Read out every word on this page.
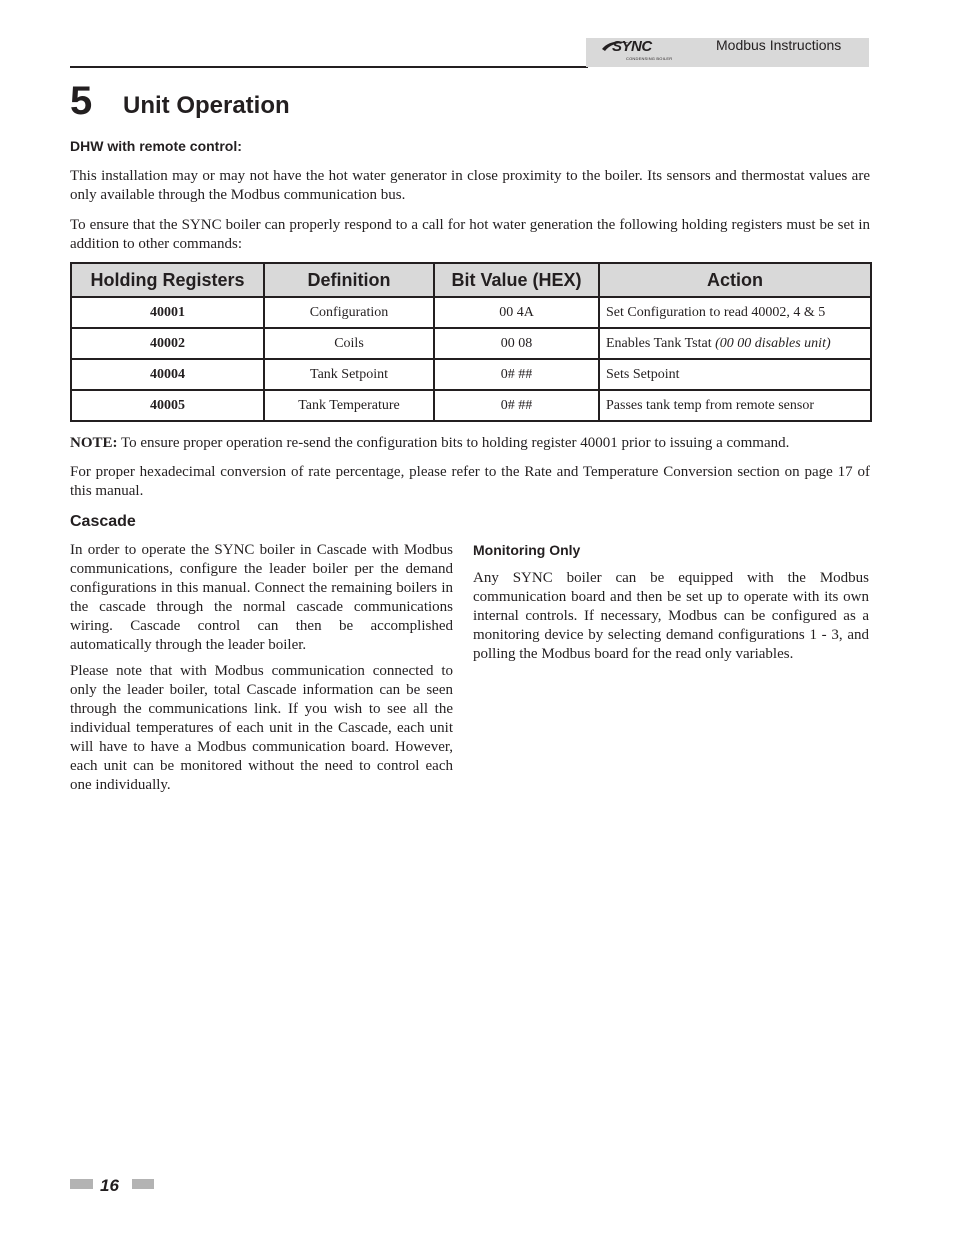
SYNC
CONDENSING BOILER
Modbus Instructions
5 Unit Operation
DHW with remote control:

This installation may or may not have the hot water generator in close proximity to the boiler. Its sensors and thermostat values are only available through the Modbus communication bus.

To ensure that the SYNC boiler can properly respond to a call for hot water generation the following holding registers must be set in addition to other commands:

Holding Registers	Definition	Bit Value (HEX)	Action
40001	Configuration	00 4A	Set Configuration to read 40002, 4 & 5
40002	Coils	00 08	Enables Tank Tstat (00 00 disables unit)
40004	Tank Setpoint	0# ##	Sets Setpoint
40005	Tank Temperature	0# ##	Passes tank temp from remote sensor

NOTE: To ensure proper operation re-send the configuration bits to holding register 40001 prior to issuing a command.

For proper hexadecimal conversion of rate percentage, please refer to the Rate and Temperature Conversion section on page 17 of this manual.

Cascade

In order to operate the SYNC boiler in Cascade with Modbus communications, configure the leader boiler per the demand configurations in this manual. Connect the remaining boilers in the cascade through the normal cascade communications wiring. Cascade control can then be accomplished automatically through the leader boiler.

Please note that with Modbus communication connected to only the leader boiler, total Cascade information can be seen through the communications link. If you wish to see all the individual temperatures of each unit in the Cascade, each unit will have to have a Modbus communication board. However, each unit can be monitored without the need to control each one individually.

Monitoring Only

Any SYNC boiler can be equipped with the Modbus communication board and then be set up to operate with its own internal controls. If necessary, Modbus can be configured as a monitoring device by selecting demand configurations 1 - 3, and polling the Modbus board for the read only variables.

16
